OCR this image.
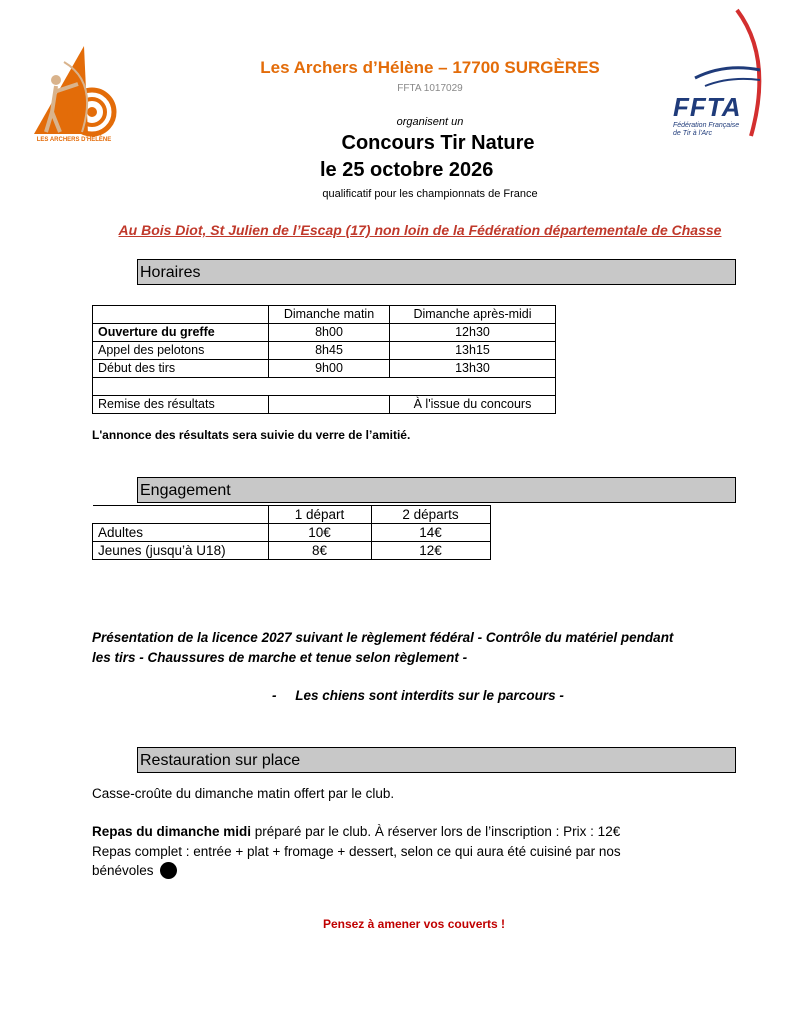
LES ARCHERS D'HÉLÈNE
FFTA
Fédération Française
de Tir à l'Arc
Les Archers d’Hélène – 17700 SURGÈRES
FFTA 1017029
organisent un
Concours Tir Nature
le 25 octobre 2026
qualificatif pour les championnats de France
Au Bois Diot, St Julien de l’Escap (17) non loin de la Fédération départementale de Chasse
Horaires
	Dimanche matin	Dimanche après-midi
Ouverture du greffe	8h00	12h30
Appel des pelotons	8h45	13h15
Début des tirs	9h00	13h30

Remise des résultats		À l'issue du concours
L'annonce des résultats sera suivie du verre de l’amitié.
Engagement
	1 départ	2 départs
Adultes	10€	14€
Jeunes (jusqu’à U18)	8€	12€
Présentation de la licence 2027 suivant le règlement fédéral - Contrôle du matériel pendant
les tirs - Chaussures de marche et tenue selon règlement -
-     Les chiens sont interdits sur le parcours -
Restauration sur place
Casse-croûte du dimanche matin offert par le club.
Repas du dimanche midi préparé par le club. À réserver lors de l’inscription : Prix : 12€
Repas complet : entrée + plat + fromage + dessert, selon ce qui aura été cuisiné par nos
bénévoles
Pensez à amener vos couverts !
